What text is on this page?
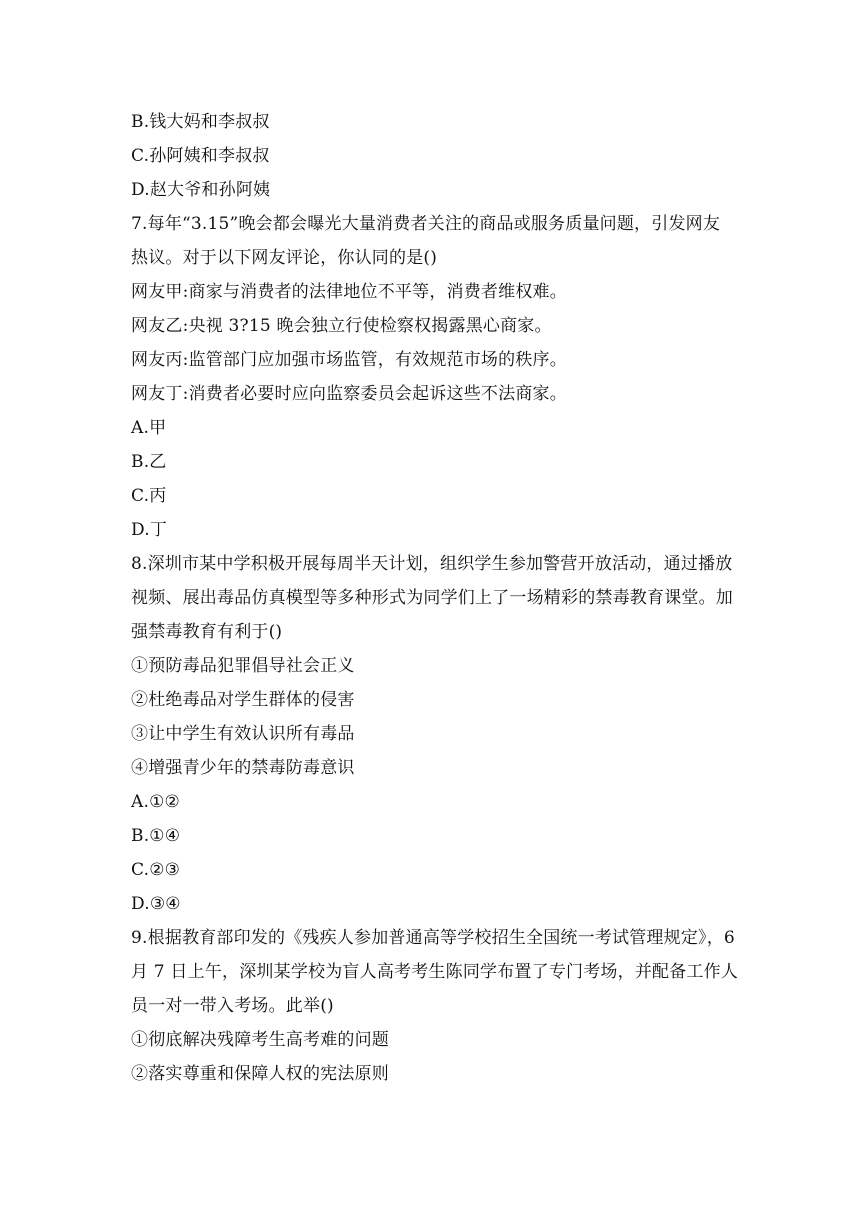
B.钱大妈和李叔叔
C.孙阿姨和李叔叔
D.赵大爷和孙阿姨
7.每年“3.15”晚会都会曝光大量消费者关注的商品或服务质量问题，引发网友
热议。对于以下网友评论，你认同的是()
网友甲:商家与消费者的法律地位不平等，消费者维权难。
网友乙:央视 3?15 晚会独立行使检察权揭露黑心商家。
网友丙:监管部门应加强市场监管，有效规范市场的秩序。
网友丁:消费者必要时应向监察委员会起诉这些不法商家。
A.甲
B.乙
C.丙
D.丁
8.深圳市某中学积极开展每周半天计划，组织学生参加警营开放活动，通过播放
视频、展出毒品仿真模型等多种形式为同学们上了一场精彩的禁毒教育课堂。加
强禁毒教育有利于()
①预防毒品犯罪倡导社会正义
②杜绝毒品对学生群体的侵害
③让中学生有效认识所有毒品
④增强青少年的禁毒防毒意识
A.①②
B.①④
C.②③
D.③④
9.根据教育部印发的《残疾人参加普通高等学校招生全国统一考试管理规定》，6
月 7 日上午，深圳某学校为盲人高考考生陈同学布置了专门考场，并配备工作人
员一对一带入考场。此举()
①彻底解决残障考生高考难的问题
②落实尊重和保障人权的宪法原则
